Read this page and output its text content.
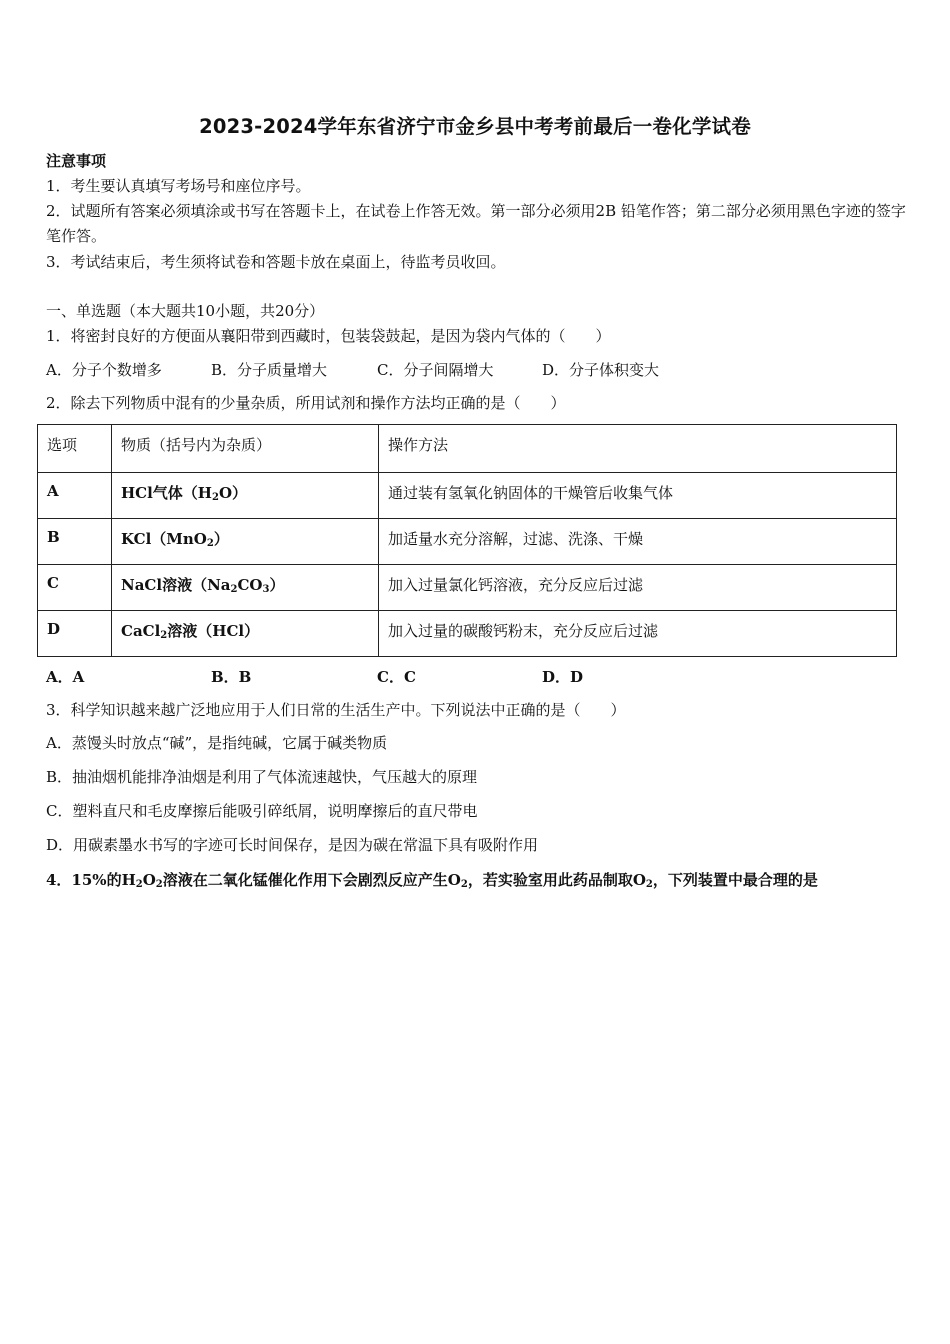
2023-2024学年东省济宁市金乡县中考考前最后一卷化学试卷
注意事项
1．考生要认真填写考场号和座位序号。
2．试题所有答案必须填涂或书写在答题卡上，在试卷上作答无效。第一部分必须用2B 铅笔作答；第二部分必须用黑色字迹的签字笔作答。
3．考试结束后，考生须将试卷和答题卡放在桌面上，待监考员收回。
一、单选题（本大题共10小题，共20分）
1．将密封良好的方便面从襄阳带到西藏时，包装袋鼓起，是因为袋内气体的（　　）
A．分子个数增多	B．分子质量增大	C．分子间隔增大	D．分子体积变大
2．除去下列物质中混有的少量杂质，所用试剂和操作方法均正确的是（　　）
选项	物质（括号内为杂质）	操作方法
A	HCl气体$(H_2O)$	通过装有氢氧化钠固体的干燥管后收集气体
B	KCl（MnO$_2$）	加适量水充分溶解，过滤、洗涤、干燥
C	NaCl溶液$(Na_2CO_3)$	加入过量氯化钙溶液，充分反应后过滤
D	CaCl$_2$溶液（HCl）	加入过量的碳酸钙粉末，充分反应后过滤
A．A	B．B	C．C	D．D
3．科学知识越来越广泛地应用于人们日常的生活生产中。下列说法中正确的是（　　）
A．蒸馒头时放点“碱”，是指纯碱，它属于碱类物质
B．抽油烟机能排净油烟是利用了气体流速越快，气压越大的原理
C．塑料直尺和毛皮摩擦后能吸引碎纸屑，说明摩擦后的直尺带电
D．用碳素墨水书写的字迹可长时间保存，是因为碳在常温下具有吸附作用
4．15%的$H_2O_2$溶液在二氧化锰催化作用下会剧烈反应产生$O_2$，若实验室用此药品制取$O_2$，下列装置中最合理的是
